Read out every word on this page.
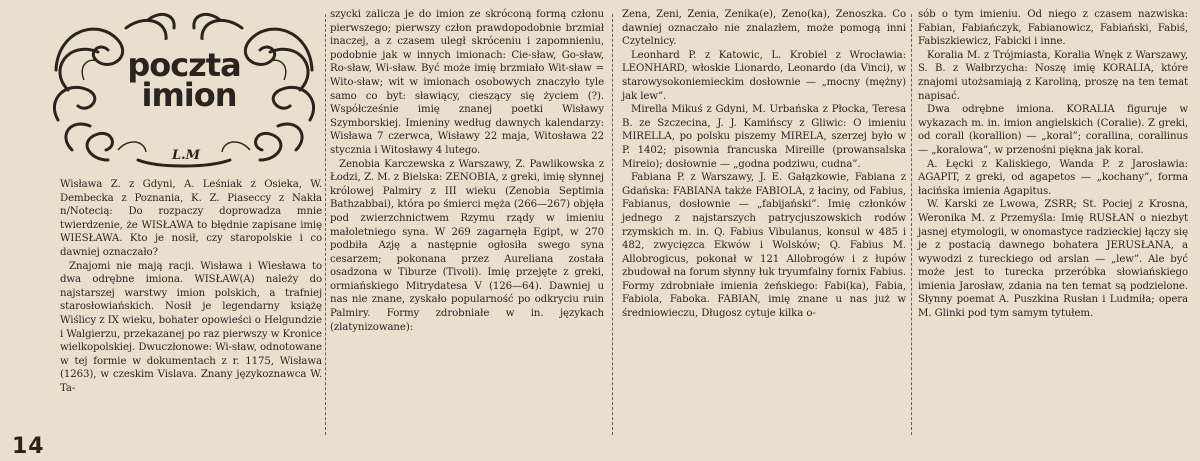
poczta
imion
L.M

Wisława Z. z Gdyni, A. Leśniak z Osieka, W. Dembecka z Poznania, K. Z. Piaseccy z Nakła n/Notecią: Do rozpaczy doprowadza mnie twierdzenie, że WISŁAWA to błędnie zapisane imię WIESŁAWA. Kto je nosił, czy staropolskie i co dawniej oznaczało?

Znajomi nie mają racji. Wisława i Wiesława to dwa odrębne imiona. WISŁAW(A) należy do najstarszej warstwy imion polskich, a trafniej starosłowiańskich. Nosił je legendarny książę Wiślicy z IX wieku, bohater opowieści o Helgundzie i Walgierzu, przekazanej po raz pierwszy w Kronice wielkopolskiej. Dwuczłonowe: Wi-sław, odnotowane w tej formie w dokumentach z r. 1175, Wisława (1263), w czeskim Vislava. Znany językoznawca W. Ta-

szycki zalicza je do imion ze skróconą formą członu pierwszego; pierwszy człon prawdopodobnie brzmiał inaczej, a z czasem uległ skróceniu i zapomnieniu, podobnie jak w innych imionach: Cie-sław, Go-sław, Ro-sław, Wi-sław. Być może imię brzmiało Wit-sław = Wito-sław; wit w imionach osobowych znaczyło tyle samo co byt: sławiący, cieszący się życiem (?). Współcześnie imię znanej poetki Wisławy Szymborskiej. Imieniny według dawnych kalendarzy: Wisława 7 czerwca, Wisławy 22 maja, Witosława 22 stycznia i Witosławy 4 lutego.

Zenobia Karczewska z Warszawy, Z. Pawlikowska z Łodzi, Z. M. z Bielska: ZENOBIA, z greki, imię słynnej królowej Palmiry z III wieku (Zenobia Septimia Bathzabbai), która po śmierci męża (266—267) objęła pod zwierzchnictwem Rzymu rządy w imieniu małoletniego syna. W 269 zagarnęła Egipt, w 270 podbiła Azję a następnie ogłosiła swego syna cesarzem; pokonana przez Aureliana została osadzona w Tiburze (Tivoli). Imię przejęte z greki, ormiańskiego Mitrydatesa V (126—64). Dawniej u nas nie znane, zyskało popularność po odkryciu ruin Palmiry. Formy zdrobniałe w in. językach (zlatynizowane):

Zena, Zeni, Zenia, Zenika(e), Zeno(ka), Zenoszka. Co dawniej oznaczało nie znalazłem, może pomogą inni Czytelnicy.

Leonhard P. z Katowic, L. Krobiel z Wrocławia: LEONHARD, włoskie Lionardo, Leonardo (da Vinci), w starowysokoniemieckim dosłownie — „mocny (mężny) jak lew”.

Mirella Mikuś z Gdyni, M. Urbańska z Płocka, Teresa B. ze Szczecina, J. J. Kamińscy z Gliwic: O imieniu MIRELLA, po polsku piszemy MIRELA, szerzej było w P. 1402; pisownia francuska Mireille (prowansalska Mireio); dosłownie — „godna podziwu, cudna”.

Fabiana P. z Warszawy, J. E. Gałązkowie, Fabiana z Gdańska: FABIANA także FABIOLA, z łaciny, od Fabius, Fabianus, dosłownie — „fabijański”. Imię członków jednego z najstarszych patrycjuszowskich rodów rzymskich m. in. Q. Fabius Vibulanus, konsul w 485 i 482, zwycięzca Ekwów i Wolsków; Q. Fabius M. Allobrogicus, pokonał w 121 Allobrogów i z łupów zbudował na forum słynny łuk tryumfalny fornix Fabius. Formy zdrobniałe imienia żeńskiego: Fabi(ka), Fabia, Fabiola, Faboka. FABIAN, imię znane u nas już w średniowieczu, Długosz cytuje kilka o-

sób o tym imieniu. Od niego z czasem nazwiska: Fabian, Fabiańczyk, Fabianowicz, Fabiański, Fabiś, Fabiszkiewicz, Fabicki i inne.

Koralia M. z Trójmiasta, Koralia Wnęk z Warszawy, S. B. z Wałbrzycha: Noszę imię KORALIA, które znajomi utożsamiają z Karoliną, proszę na ten temat napisać.

Dwa odrębne imiona. KORALIA figuruje w wykazach m. in. imion angielskich (Coralie). Z greki, od corall (korallion) — „koral”; corallina, corallinus — „koralowa”, w przenośni piękna jak koral.

A. Łęcki z Kaliskiego, Wanda P. z Jarosławia: AGAPIT, z greki, od agapetos — „kochany”, forma łacińska imienia Agapitus.

W. Karski ze Lwowa, ZSRR; St. Pociej z Krosna, Weronika M. z Przemyśla: Imię RUSŁAN o niezbyt jasnej etymologii, w onomastyce radzieckiej łączy się je z postacią dawnego bohatera JERUSŁANA, a wywodzi z tureckiego od arslan — „lew”. Ale być może jest to turecka przeróbka słowiańskiego imienia Jarosław, zdania na ten temat są podzielone. Słynny poemat A. Puszkina Rusłan i Ludmiła; opera M. Glinki pod tym samym tytułem.

14
